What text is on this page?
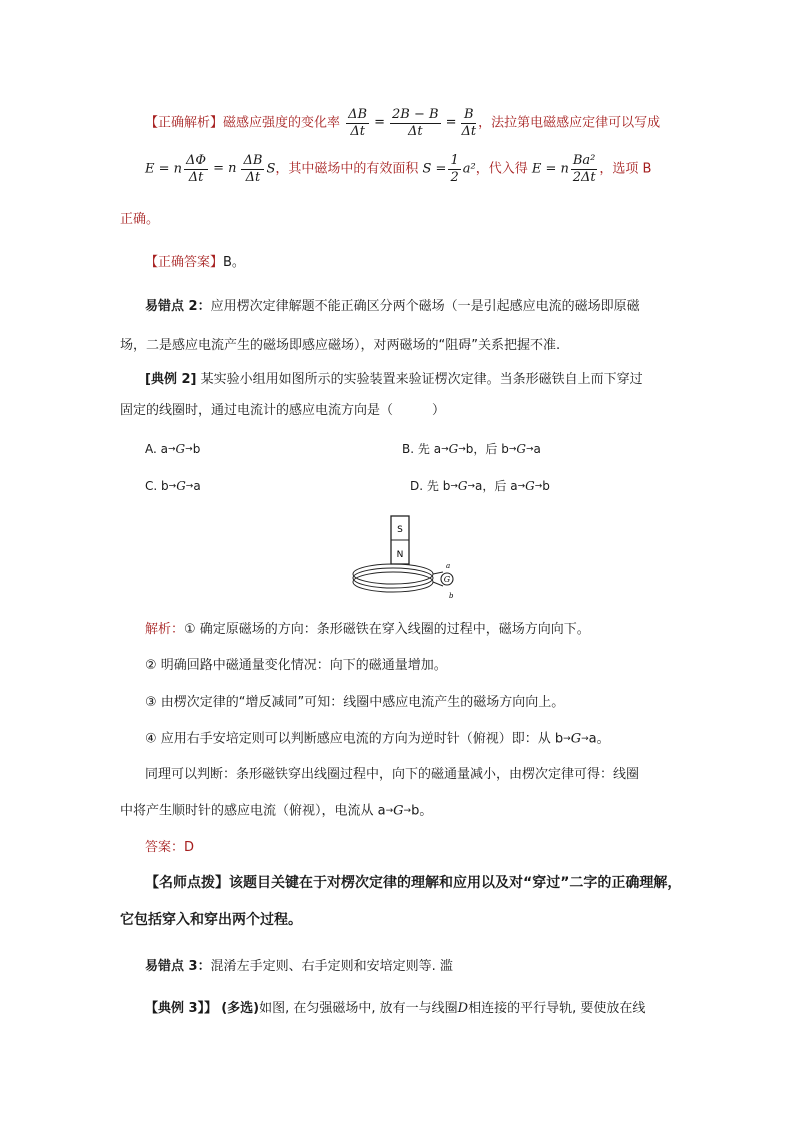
【正确解析】磁感应强度的变化率 $\frac{\Delta B}{\Delta t} = \frac{2B - B}{\Delta t} = \frac{B}{\Delta t}$ ，法拉第电磁感应定律可以写成
E = n $\frac{\Delta\Phi}{\Delta t} = n \frac{\Delta B}{\Delta t}$ S，其中磁场中的有效面积 $S = \frac{1}{2} a^2$，代入得 E = n $\frac{\text{Ba²}}{2\Delta t}$ ，选项 B
正确。
【正确答案】B。
易错点 2：应用楞次定律解题不能正确区分两个磁场（一是引起感应电流的磁场即原磁
场，二是感应电流产生的磁场即感应磁场），对两磁场的“阻碍”关系把握不准.
[典例 2] 某实验小组用如图所示的实验装置来验证楞次定律。当条形磁铁自上而下穿过
固定的线圈时，通过电流计的感应电流方向是（　　　）
A. a→G→b	B. 先 a→G→b，后 b→G→a
C. b→G→a	D. 先 b→G→a，后 a→G→b
S
N
G
a
b
解析：① 确定原磁场的方向：条形磁铁在穿入线圈的过程中，磁场方向向下。
② 明确回路中磁通量变化情况：向下的磁通量增加。
③ 由楞次定律的“增反减同”可知：线圈中感应电流产生的磁场方向向上。
④ 应用右手安培定则可以判断感应电流的方向为逆时针（俯视）即：从 b→G→a。
同理可以判断：条形磁铁穿出线圈过程中，向下的磁通量减小，由楞次定律可得：线圈
中将产生顺时针的感应电流（俯视），电流从 a→G→b。
答案：D
【名师点拨】该题目关键在于对楞次定律的理解和应用以及对“穿过”二字的正确理解，
它包括穿入和穿出两个过程。
易错点 3：混淆左手定则、右手定则和安培定则等. 滥
【典例 3】】 (多选)如图, 在匀强磁场中, 放有一与线圈D相连接的平行导轨, 要使放在线
